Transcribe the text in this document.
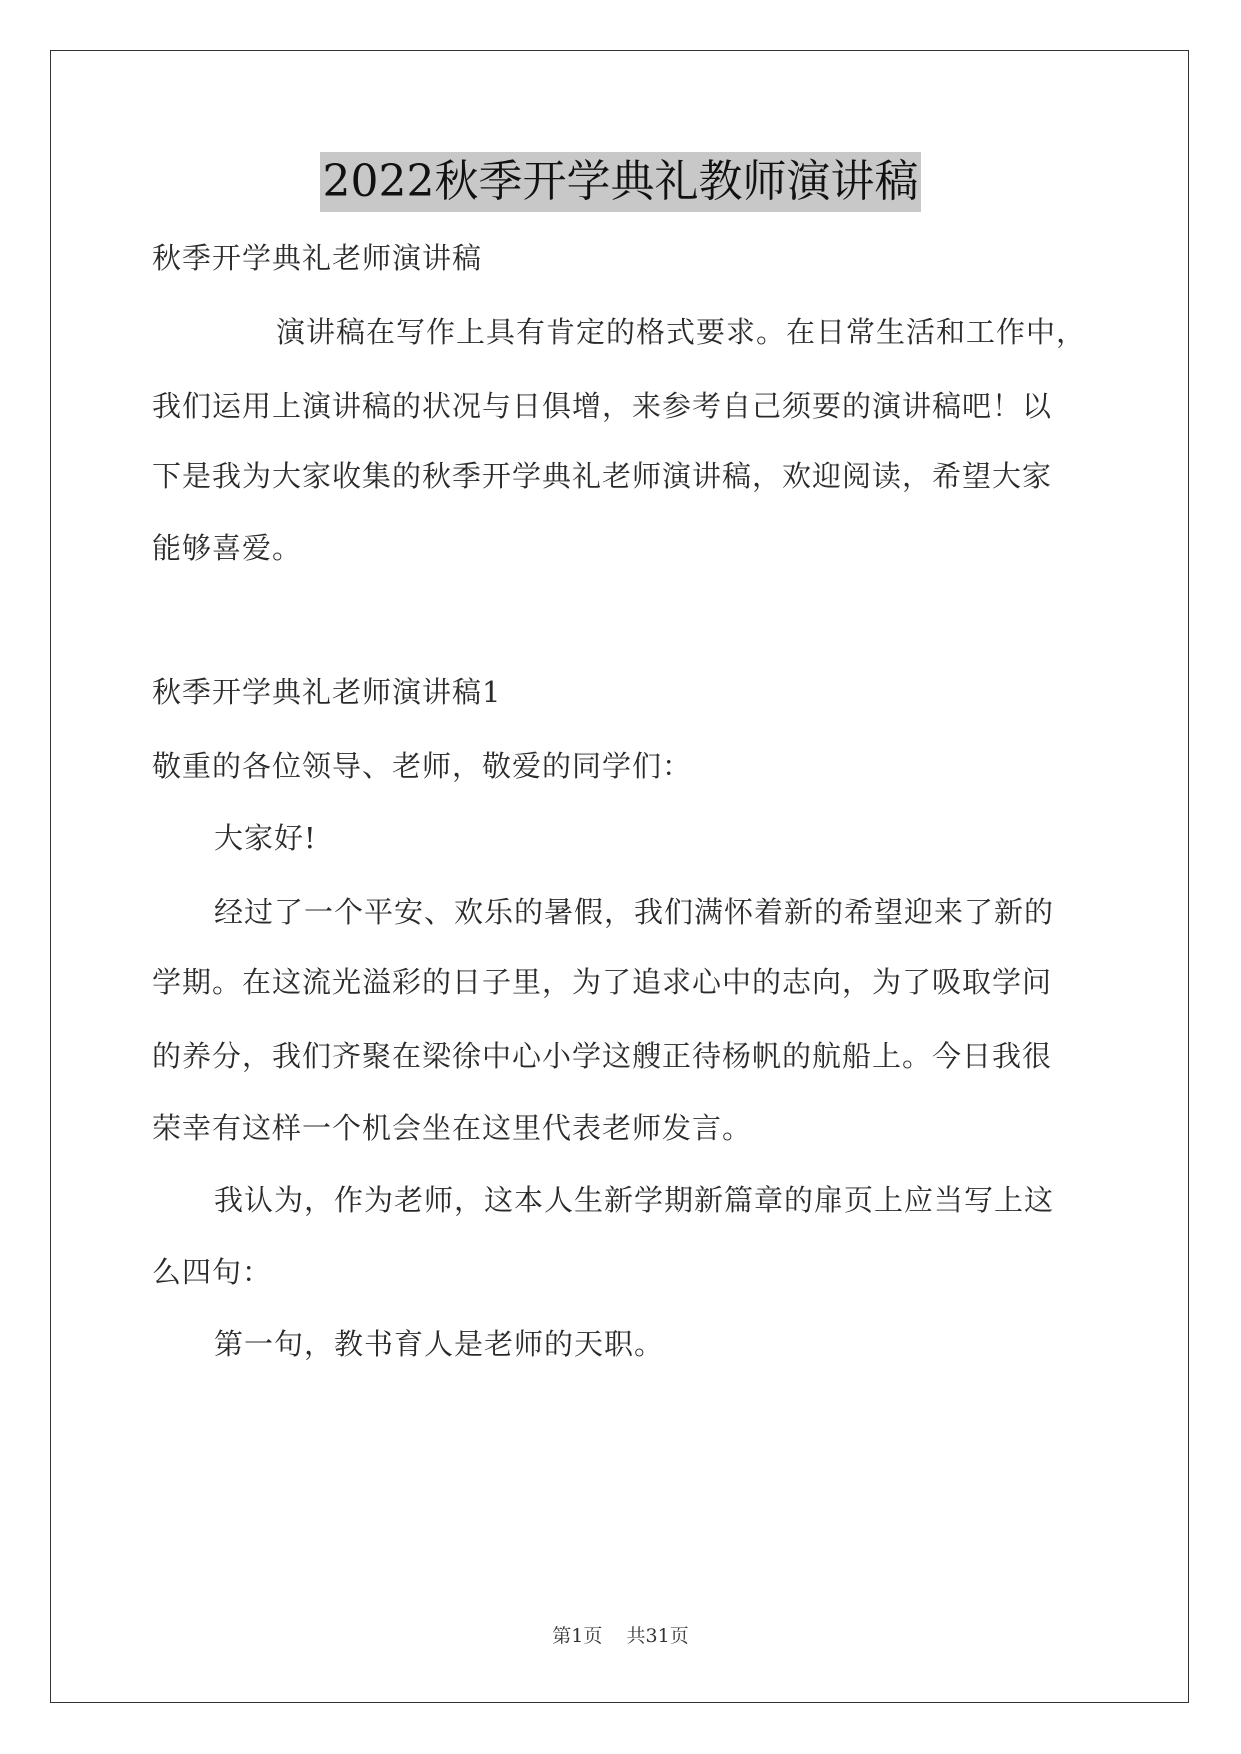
2022秋季开学典礼教师演讲稿
秋季开学典礼老师演讲稿
演讲稿在写作上具有肯定的格式要求。在日常生活和工作中，
我们运用上演讲稿的状况与日俱增，来参考自己须要的演讲稿吧！以
下是我为大家收集的秋季开学典礼老师演讲稿，欢迎阅读，希望大家
能够喜爱。
秋季开学典礼老师演讲稿1
敬重的各位领导、老师，敬爱的同学们：
大家好!
经过了一个平安、欢乐的暑假，我们满怀着新的希望迎来了新的
学期。在这流光溢彩的日子里，为了追求心中的志向，为了吸取学问
的养分，我们齐聚在梁徐中心小学这艘正待杨帆的航船上。今日我很
荣幸有这样一个机会坐在这里代表老师发言。
我认为，作为老师，这本人生新学期新篇章的扉页上应当写上这
么四句：
第一句，教书育人是老师的天职。
第1页 共31页
